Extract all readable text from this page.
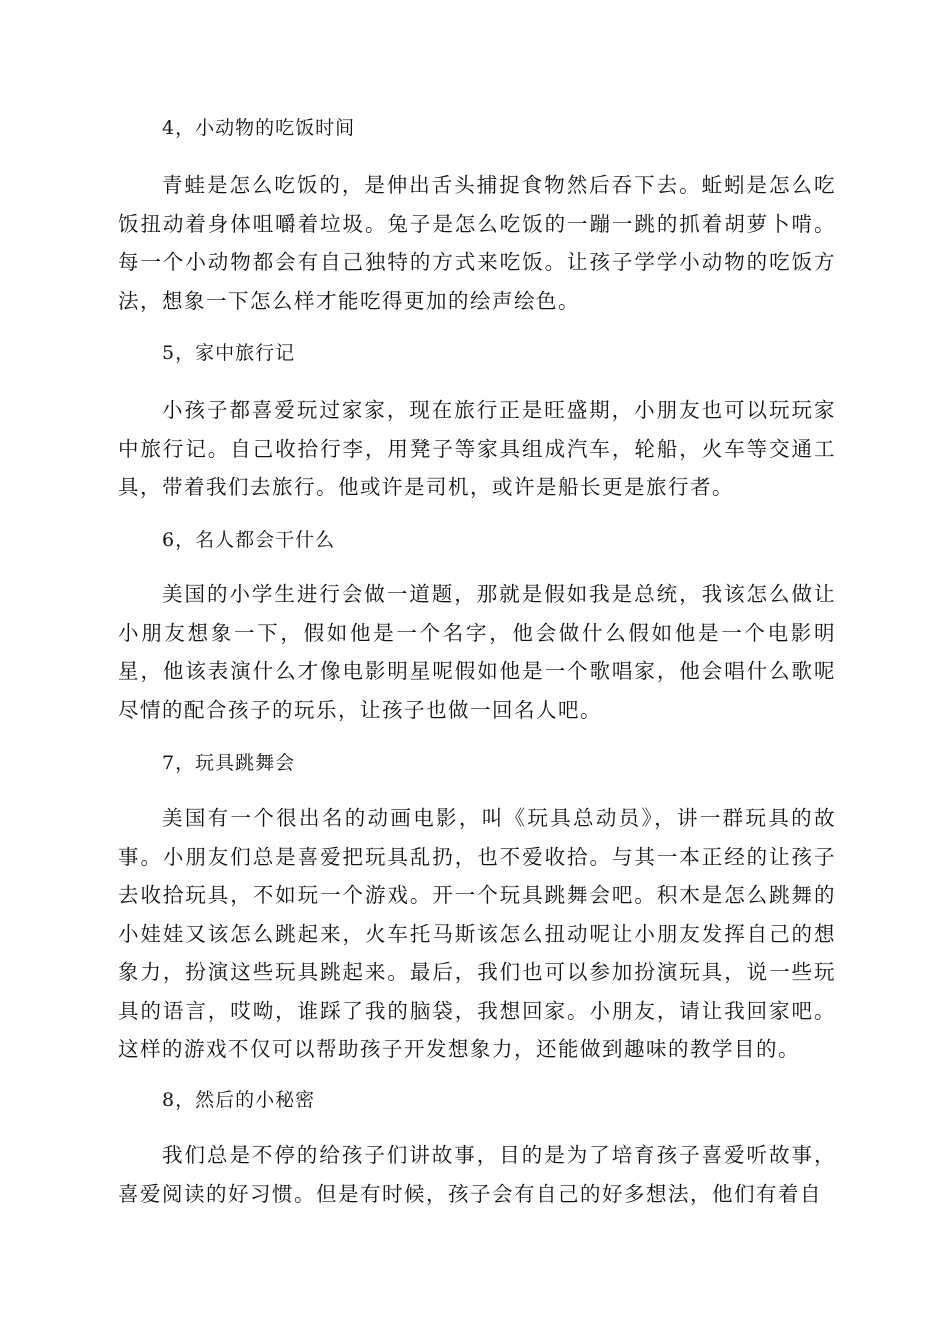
4，小动物的吃饭时间

青蛙是怎么吃饭的，是伸出舌头捕捉食物然后吞下去。蚯蚓是怎么吃饭扭动着身体咀嚼着垃圾。兔子是怎么吃饭的一蹦一跳的抓着胡萝卜啃。每一个小动物都会有自己独特的方式来吃饭。让孩子学学小动物的吃饭方法，想象一下怎么样才能吃得更加的绘声绘色。

5，家中旅行记

小孩子都喜爱玩过家家，现在旅行正是旺盛期，小朋友也可以玩玩家中旅行记。自己收拾行李，用凳子等家具组成汽车，轮船，火车等交通工具，带着我们去旅行。他或许是司机，或许是船长更是旅行者。

6，名人都会干什么

美国的小学生进行会做一道题，那就是假如我是总统，我该怎么做让小朋友想象一下，假如他是一个名字，他会做什么假如他是一个电影明星，他该表演什么才像电影明星呢假如他是一个歌唱家，他会唱什么歌呢尽情的配合孩子的玩乐，让孩子也做一回名人吧。

7，玩具跳舞会

美国有一个很出名的动画电影，叫《玩具总动员》，讲一群玩具的故事。小朋友们总是喜爱把玩具乱扔，也不爱收拾。与其一本正经的让孩子去收拾玩具，不如玩一个游戏。开一个玩具跳舞会吧。积木是怎么跳舞的小娃娃又该怎么跳起来，火车托马斯该怎么扭动呢让小朋友发挥自己的想象力，扮演这些玩具跳起来。最后，我们也可以参加扮演玩具，说一些玩具的语言，哎呦，谁踩了我的脑袋，我想回家。小朋友，请让我回家吧。这样的游戏不仅可以帮助孩子开发想象力，还能做到趣味的教学目的。

8，然后的小秘密

我们总是不停的给孩子们讲故事，目的是为了培育孩子喜爱听故事，喜爱阅读的好习惯。但是有时候，孩子会有自己的好多想法，他们有着自
